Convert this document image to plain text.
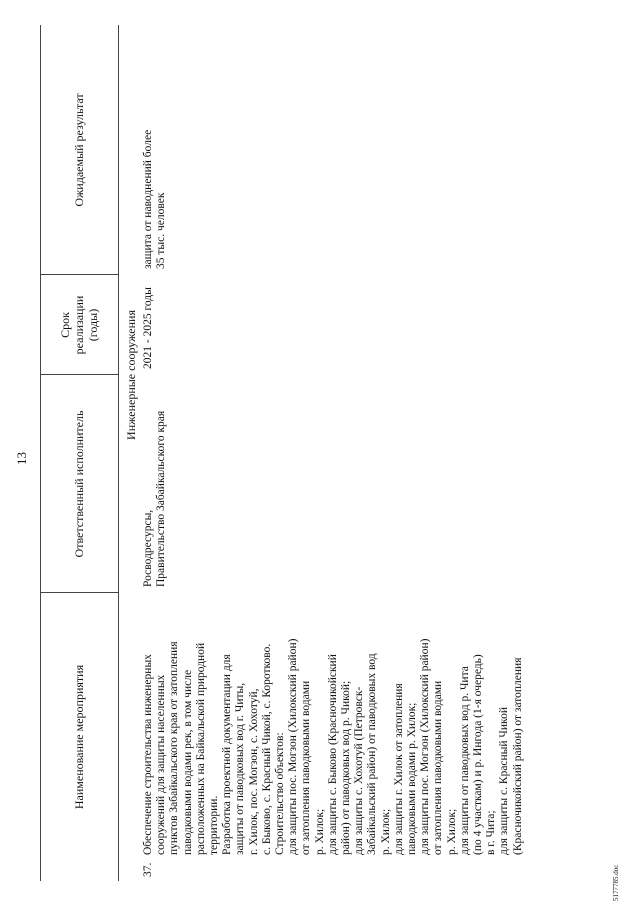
13
Наименование мероприятия
Ответственный исполнитель
Срок реализации (годы)
Ожидаемый результат
Инженерные сооружения
37.
Обеспечение строительства инженерных сооружений для защиты населенных пунктов Забайкальского края от затопления паводковыми водами рек, в том числе расположенных на Байкальской природной территории. Разработка проектной документации для защиты от паводковых вод г. Читы, г. Хилок, пос. Могзон, с. Хохотуй, с. Быково, с. Красный Чикой, с. Коротково. Строительство объектов: для защиты пос. Могзон (Хилокский район) от затопления паводковыми водами р. Хилок; для защиты с. Быково (Красночикойский район) от паводковых вод р. Чикой; для защиты с. Хохотуй (Петровск- Забайкальский район) от паводковых вод р. Хилок; для защиты г. Хилок от затопления паводковыми водами р. Хилок; для защиты пос. Могзон (Хилокский район) от затопления паводковыми водами р. Хилок; для защиты от паводковых вод р. Чита (по 4 участкам) и р. Ингода (1-я очередь) в г. Чита; для защиты с. Красный Чикой (Красночикойский район) от затопления
Росводресурсы, Правительство Забайкальского края
2021 - 2025 годы
защита от наводнений более 35 тыс. человек
5177785.doc
